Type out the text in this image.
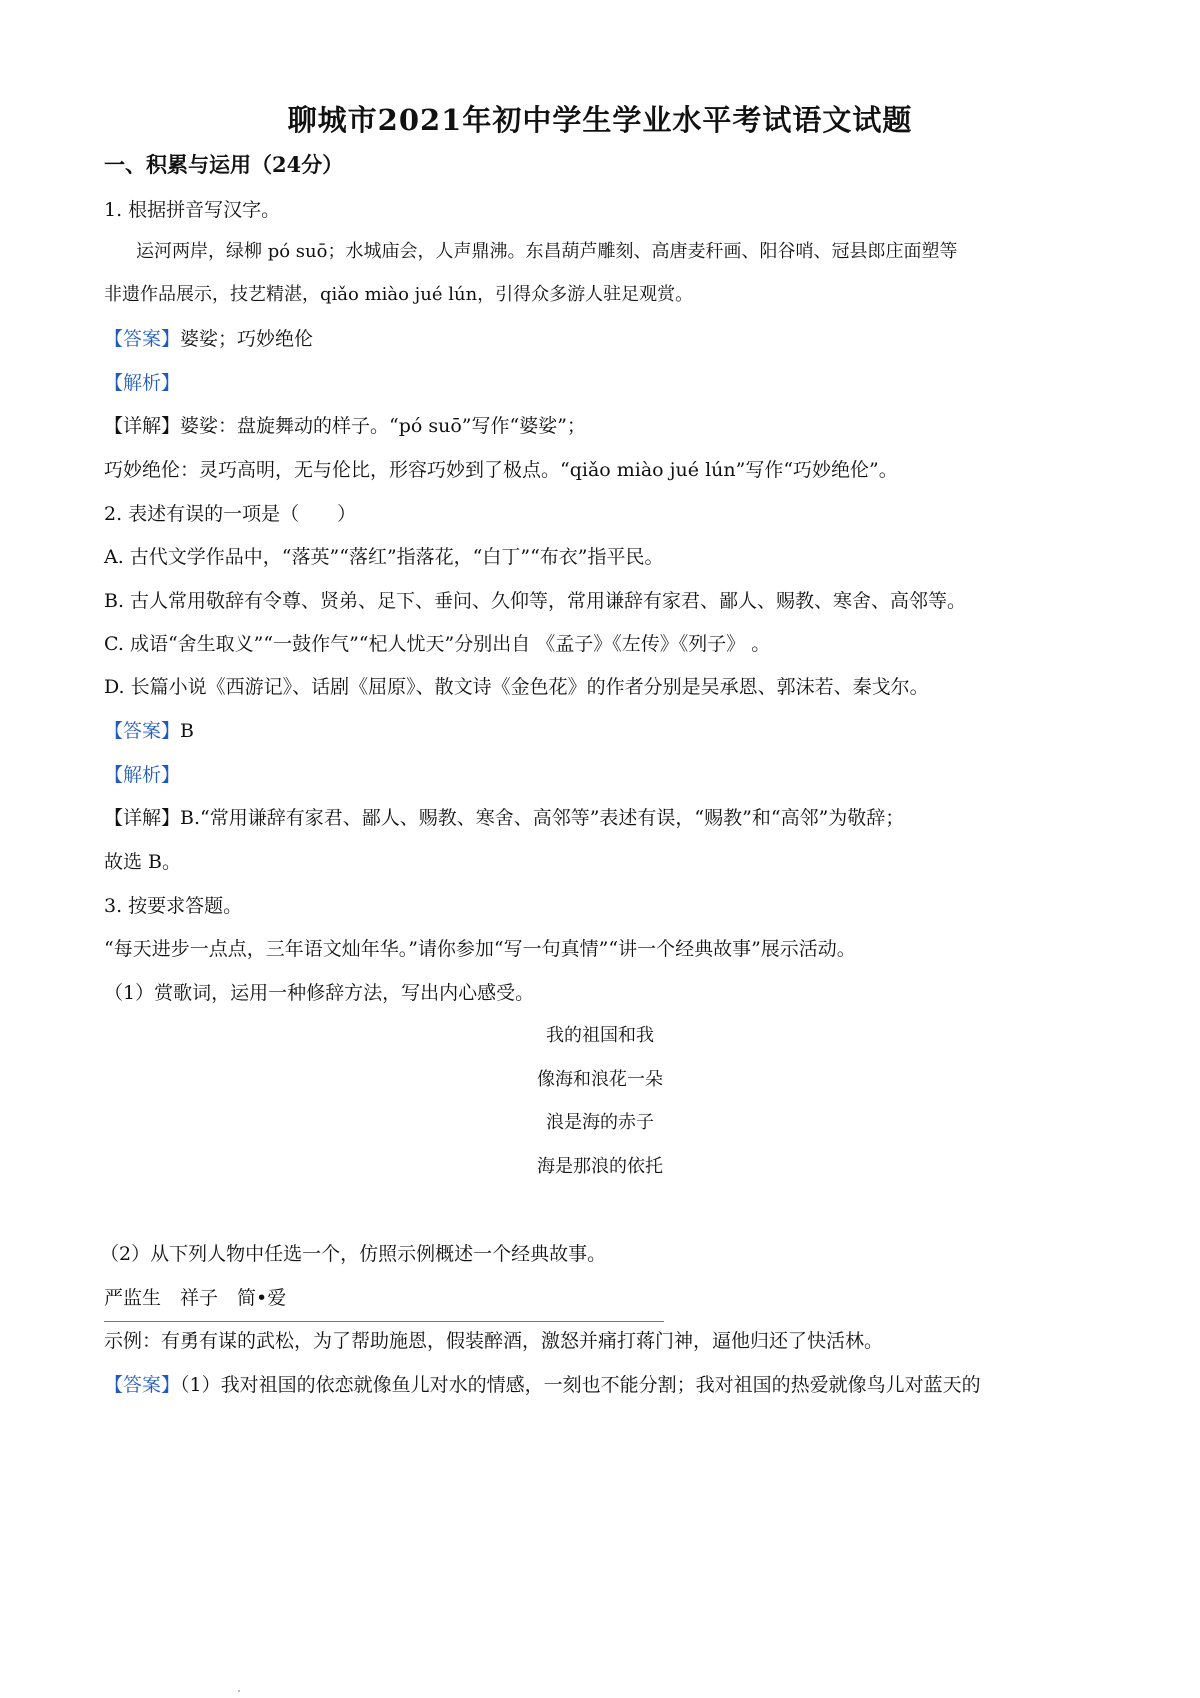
聊城市2021年初中学生学业水平考试语文试题
一、积累与运用（24分）
1. 根据拼音写汉字。
运河两岸，绿柳 pó suō；水城庙会，人声鼎沸。东昌葫芦雕刻、高唐麦秆画、阳谷哨、冠县郎庄面塑等
非遗作品展示，技艺精湛，qiǎo miào jué lún，引得众多游人驻足观赏。
【答案】婆娑；巧妙绝伦
【解析】
【详解】婆娑：盘旋舞动的样子。“pó suō”写作“婆娑”；
巧妙绝伦：灵巧高明，无与伦比，形容巧妙到了极点。“qiǎo miào jué lún”写作“巧妙绝伦”。
2. 表述有误的一项是（　　）
A. 古代文学作品中，“落英”“落红”指落花，“白丁”“布衣”指平民。
B. 古人常用敬辞有令尊、贤弟、足下、垂问、久仰等，常用谦辞有家君、鄙人、赐教、寒舍、高邻等。
C. 成语“舍生取义”“一鼓作气”“杞人忧天”分别出自 《孟子》《左传》《列子》 。
D. 长篇小说《西游记》、话剧《屈原》、散文诗《金色花》的作者分别是吴承恩、郭沫若、秦戈尔。
【答案】B
【解析】
【详解】B.“常用谦辞有家君、鄙人、赐教、寒舍、高邻等”表述有误，“赐教”和“高邻”为敬辞；
故选 B。
3. 按要求答题。
“每天进步一点点，三年语文灿年华。”请你参加“写一句真情”“讲一个经典故事”展示活动。
（1）赏歌词，运用一种修辞方法，写出内心感受。
我的祖国和我
像海和浪花一朵
浪是海的赤子
海是那浪的依托
（2）从下列人物中任选一个，仿照示例概述一个经典故事。
严监生　祥子　简•爱
示例：有勇有谋的武松，为了帮助施恩，假装醉酒，激怒并痛打蒋门神，逼他归还了快活林。
【答案】（1）我对祖国的依恋就像鱼儿对水的情感，一刻也不能分割；我对祖国的热爱就像鸟儿对蓝天的
